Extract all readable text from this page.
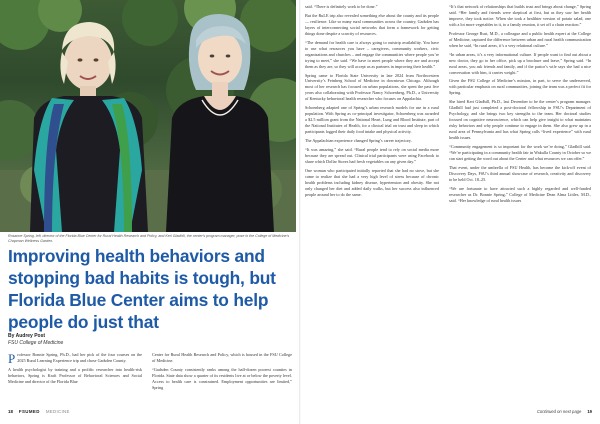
Rosanne Spring, left, director of the Florida Blue Center for Rural Health Research and Policy, and Keri Gladhill, the center's program manager, pose in the College of Medicine's Chapman Wellness Garden.
Improving health behaviors and stopping bad habits is tough, but Florida Blue Center aims to help people do just that
By Audrey Post
FSU College of Medicine

Professor Bonnie Spring, Ph.D., had her pick of the four courses on the 2025 Rural Learning Experience trip and chose Gadsden County.

A health psychologist by training and a prolific researcher into health-risk behaviors, Spring is Kraft Professor of Behavioral Sciences and Social Medicine and director of the Florida Blue

Center for Rural Health Research and Policy, which is housed in the FSU College of Medicine.

“Gadsden County consistently ranks among the half-dozen poorest counties in Florida. State data show a quarter of its residents live at or below the poverty level. Access to health care is constrained. Employment opportunities are limited,” Spring

said. “There is definitely work to be done.”

But the RuLE trip also revealed something else about the county and its people — resilience. Like so many rural communities across the country, Gadsden has layers of interconnecting social networks that form a framework for getting things done despite a scarcity of resources.

“The demand for health care is always going to outstrip availability. You have to use what resources you have – caregivers, community workers, civic organizations and churches – and engage the communities where people you’re trying to meet,” she said. “We have to meet people where they are and accept them as they are, so they will accept us as partners in improving their health.”

Spring came to Florida State University in late 2024 from Northwestern University’s Feinberg School of Medicine in downtown Chicago. Although most of her research has focused on urban populations, she spent the past five years also collaborating with Professor Nancy Schoenberg, Ph.D., a University of Kentucky behavioral health researcher who focuses on Appalachia.

Schoenberg adapted one of Spring’s urban research models for use in a rural population. With Spring as co-principal investigator, Schoenberg was awarded a $2.5 million grant from the National Heart, Lung and Blood Institute, part of the National Institutes of Health, for a clinical trial on trust and sleep in which participants logged their daily food intake and physical activity.

The Appalachian experience changed Spring’s career trajectory.

“It was amazing,” she said. “Rural people tend to rely on social media more because they are spread out. Clinical trial participants were using Facebook to share which Dollar Stores had fresh vegetables on any given day.”

One woman who participated initially reported that she had no stove, but she came to realize that she had a very high level of stress because of chronic health problems including kidney disease, hypertension and obesity. She not only changed her diet and added daily walks, but her success also influenced people around her to do the same.

“It’s that network of relationships that builds trust and brings about change,” Spring said. “Her family and friends were skeptical at first, but as they saw her health improve, they took notice. When she took a healthier version of potato salad, one with a lot more vegetables in it, to a family reunion, it set off a chain reaction.”

Professor George Rust, M.D., a colleague and a public health expert at the College of Medicine, captured the difference between urban and rural health communication when he said, “In rural areas, it’s a very relational culture.”

“In urban areas, it’s a very informational culture. If people want to find out about a new doctor, they go to her office, pick up a brochure and leave,” Spring said. “In rural areas, you ask friends and family, and if the pastor’s wife says she had a nice conversation with him, it carries weight.”

Given the FSU College of Medicine’s mission, in part, to serve the underserved, with particular emphasis on rural communities, joining the team was a perfect fit for Spring.

She hired Keri Gladhill, Ph.D., last December to be the center’s program manager. Gladhill had just completed a post-doctoral fellowship in FSU’s Department of Psychology, and she brings two key strengths to the team. Her doctoral studies focused on cognitive neuroscience, which can help give insight to what maintains risky behaviors and why people continue to engage in them. She also grew up in a rural area of Pennsylvania and has what Spring calls “lived experience” with rural health issues.

“Community engagement is so important for the work we’re doing,” Gladhill said. “We’re participating in a community health fair in Wakulla County in October so we can start getting the word out about the Center and what resources we can offer.”

That event, under the umbrella of FSU Health, has become the kick-off event of Discovery Days, FSU’s third annual showcase of research, creativity and discovery to be held Oct. 18–25.

“We are fortunate to have attracted such a highly regarded and well-funded researcher as Dr. Bonnie Spring,” College of Medicine Dean Alma Littles, M.D., said. “Her knowledge of rural health issues

18 FSUMED MEDICINE	Continued on next page 19
